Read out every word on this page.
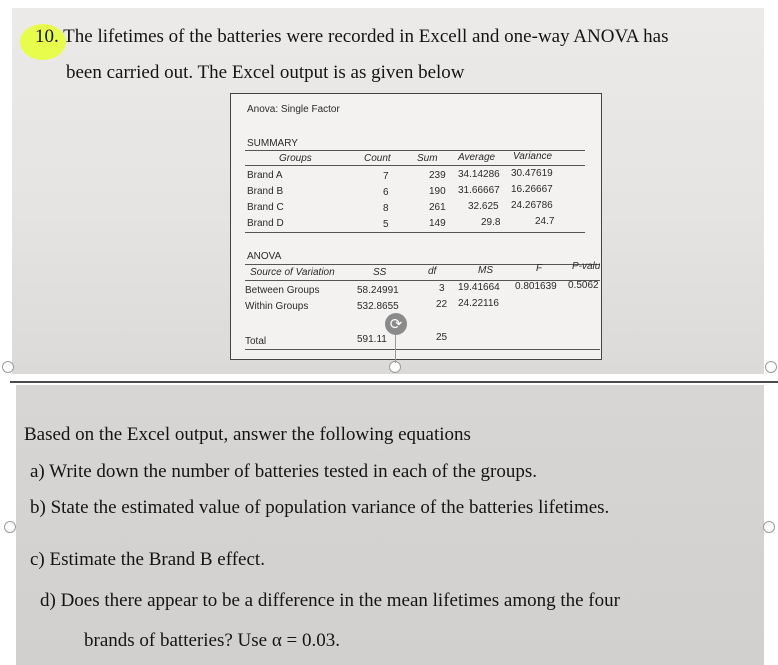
10. The lifetimes of the batteries were recorded in Excell and one-way ANOVA has
been carried out. The Excel output is as given below
Anova: Single Factor
SUMMARY
Groups	Count	Sum Average Variance
Brand A	7	239 34.14286 30.47619
Brand B	6	190 31.66667 16.26667
Brand C	8	261 32.625 24.26786
Brand D	5	149	29.8	24.7
ANOVA
Source of Variation	SS	df	MS	F	P-valu
Between Groups	58.24991	3 19.41664 0.801639 0.5062
Within Groups	532.8655	22 24.22116
Total	591.11	25
Based on the Excel output, answer the following equations
a) Write down the number of batteries tested in each of the groups.
b) State the estimated value of population variance of the batteries lifetimes.
c) Estimate the Brand B effect.
d) Does there appear to be a difference in the mean lifetimes among the four
brands of batteries? Use α = 0.03.
⟳
